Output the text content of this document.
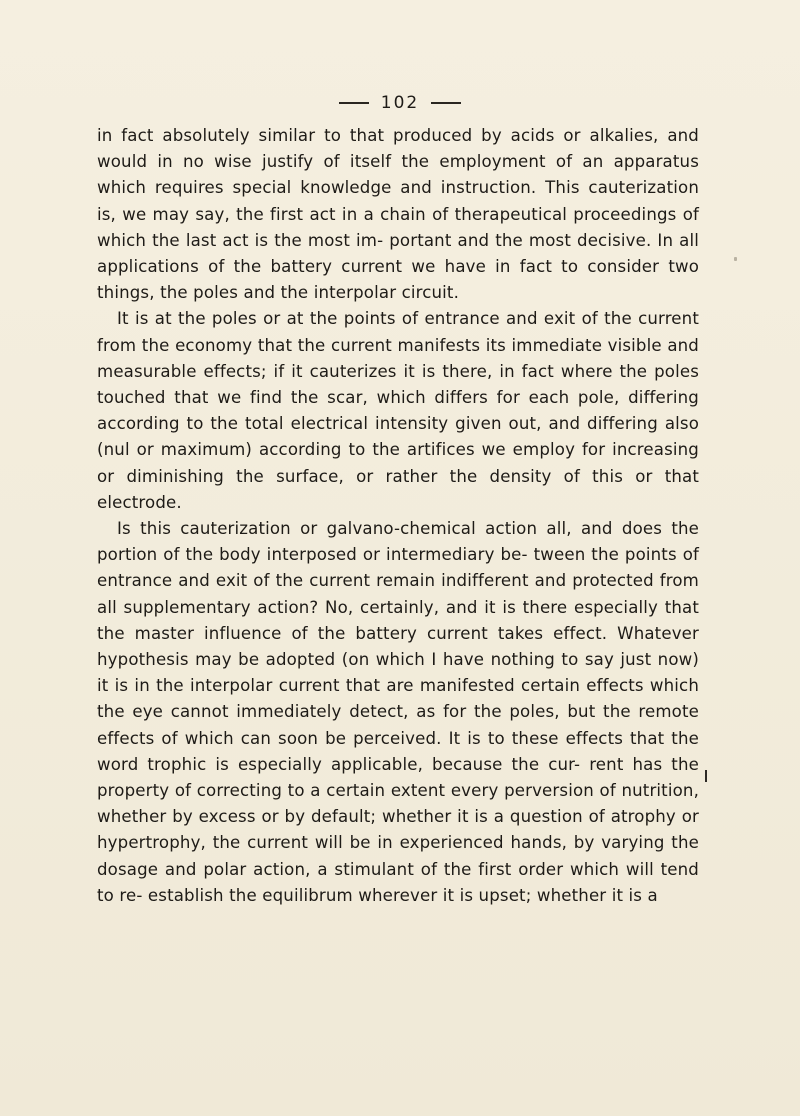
102

in fact absolutely similar to that produced by acids or alkalies, and would in no wise justify of itself the employment of an apparatus which requires special knowledge and instruction. This cauterization is, we may say, the first act in a chain of therapeutical proceedings of which the last act is the most im- portant and the most decisive. In all applications of the battery current we have in fact to consider two things, the poles and the interpolar circuit.

It is at the poles or at the points of entrance and exit of the current from the economy that the current manifests its immediate visible and measurable effects; if it cauterizes it is there, in fact where the poles touched that we find the scar, which differs for each pole, differing according to the total electrical intensity given out, and differing also (nul or maximum) according to the artifices we employ for increasing or diminishing the surface, or rather the density of this or that electrode.

Is this cauterization or galvano-chemical action all, and does the portion of the body interposed or intermediary be- tween the points of entrance and exit of the current remain indifferent and protected from all supplementary action? No, certainly, and it is there especially that the master influence of the battery current takes effect. Whatever hypothesis may be adopted (on which I have nothing to say just now) it is in the interpolar current that are manifested certain effects which the eye cannot immediately detect, as for the poles, but the remote effects of which can soon be perceived. It is to these effects that the word trophic is especially applicable, because the cur- rent has the property of correcting to a certain extent every perversion of nutrition, whether by excess or by default; whether it is a question of atrophy or hypertrophy, the current will be in experienced hands, by varying the dosage and polar action, a stimulant of the first order which will tend to re- establish the equilibrum wherever it is upset; whether it is a
